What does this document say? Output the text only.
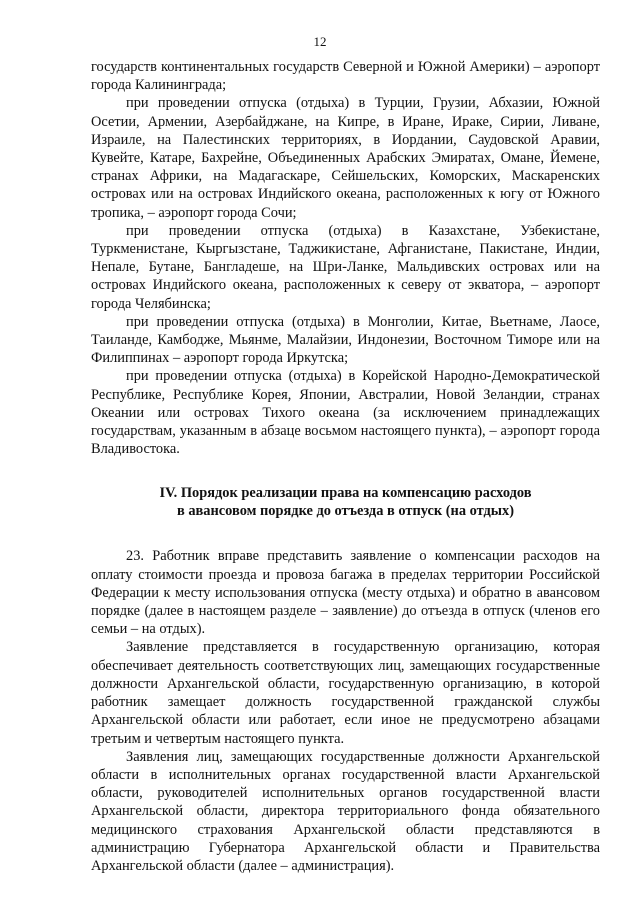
12

государств континентальных государств Северной и Южной Америки) – аэропорт города Калининграда;

при проведении отпуска (отдыха) в Турции, Грузии, Абхазии, Южной Осетии, Армении, Азербайджане, на Кипре, в Иране, Ираке, Сирии, Ливане, Израиле, на Палестинских территориях, в Иордании, Саудовской Аравии, Кувейте, Катаре, Бахрейне, Объединенных Арабских Эмиратах, Омане, Йемене, странах Африки, на Мадагаскаре, Сейшельских, Коморских, Маскаренских островах или на островах Индийского океана, расположенных к югу от Южного тропика, – аэропорт города Сочи;

при проведении отпуска (отдыха) в Казахстане, Узбекистане, Туркменистане, Кыргызстане, Таджикистане, Афганистане, Пакистане, Индии, Непале, Бутане, Бангладеше, на Шри-Ланке, Мальдивских островах или на островах Индийского океана, расположенных к северу от экватора, – аэропорт города Челябинска;

при проведении отпуска (отдыха) в Монголии, Китае, Вьетнаме, Лаосе, Таиланде, Камбодже, Мьянме, Малайзии, Индонезии, Восточном Тиморе или на Филиппинах – аэропорт города Иркутска;

при проведении отпуска (отдыха) в Корейской Народно-Демократической Республике, Республике Корея, Японии, Австралии, Новой Зеландии, странах Океании или островах Тихого океана (за исключением принадлежащих государствам, указанным в абзаце восьмом настоящего пункта), – аэропорт города Владивостока.

IV. Порядок реализации права на компенсацию расходов
в авансовом порядке до отъезда в отпуск (на отдых)

23. Работник вправе представить заявление о компенсации расходов на оплату стоимости проезда и провоза багажа в пределах территории Российской Федерации к месту использования отпуска (месту отдыха) и обратно в авансовом порядке (далее в настоящем разделе – заявление) до отъезда в отпуск (членов его семьи – на отдых).

Заявление представляется в государственную организацию, которая обеспечивает деятельность соответствующих лиц, замещающих государственные должности Архангельской области, государственную организацию, в которой работник замещает должность государственной гражданской службы Архангельской области или работает, если иное не предусмотрено абзацами третьим и четвертым настоящего пункта.

Заявления лиц, замещающих государственные должности Архангельской области в исполнительных органах государственной власти Архангельской области, руководителей исполнительных органов государственной власти Архангельской области, директора территориального фонда обязательного медицинского страхования Архангельской области представляются в администрацию Губернатора Архангельской области и Правительства Архангельской области (далее – администрация).
